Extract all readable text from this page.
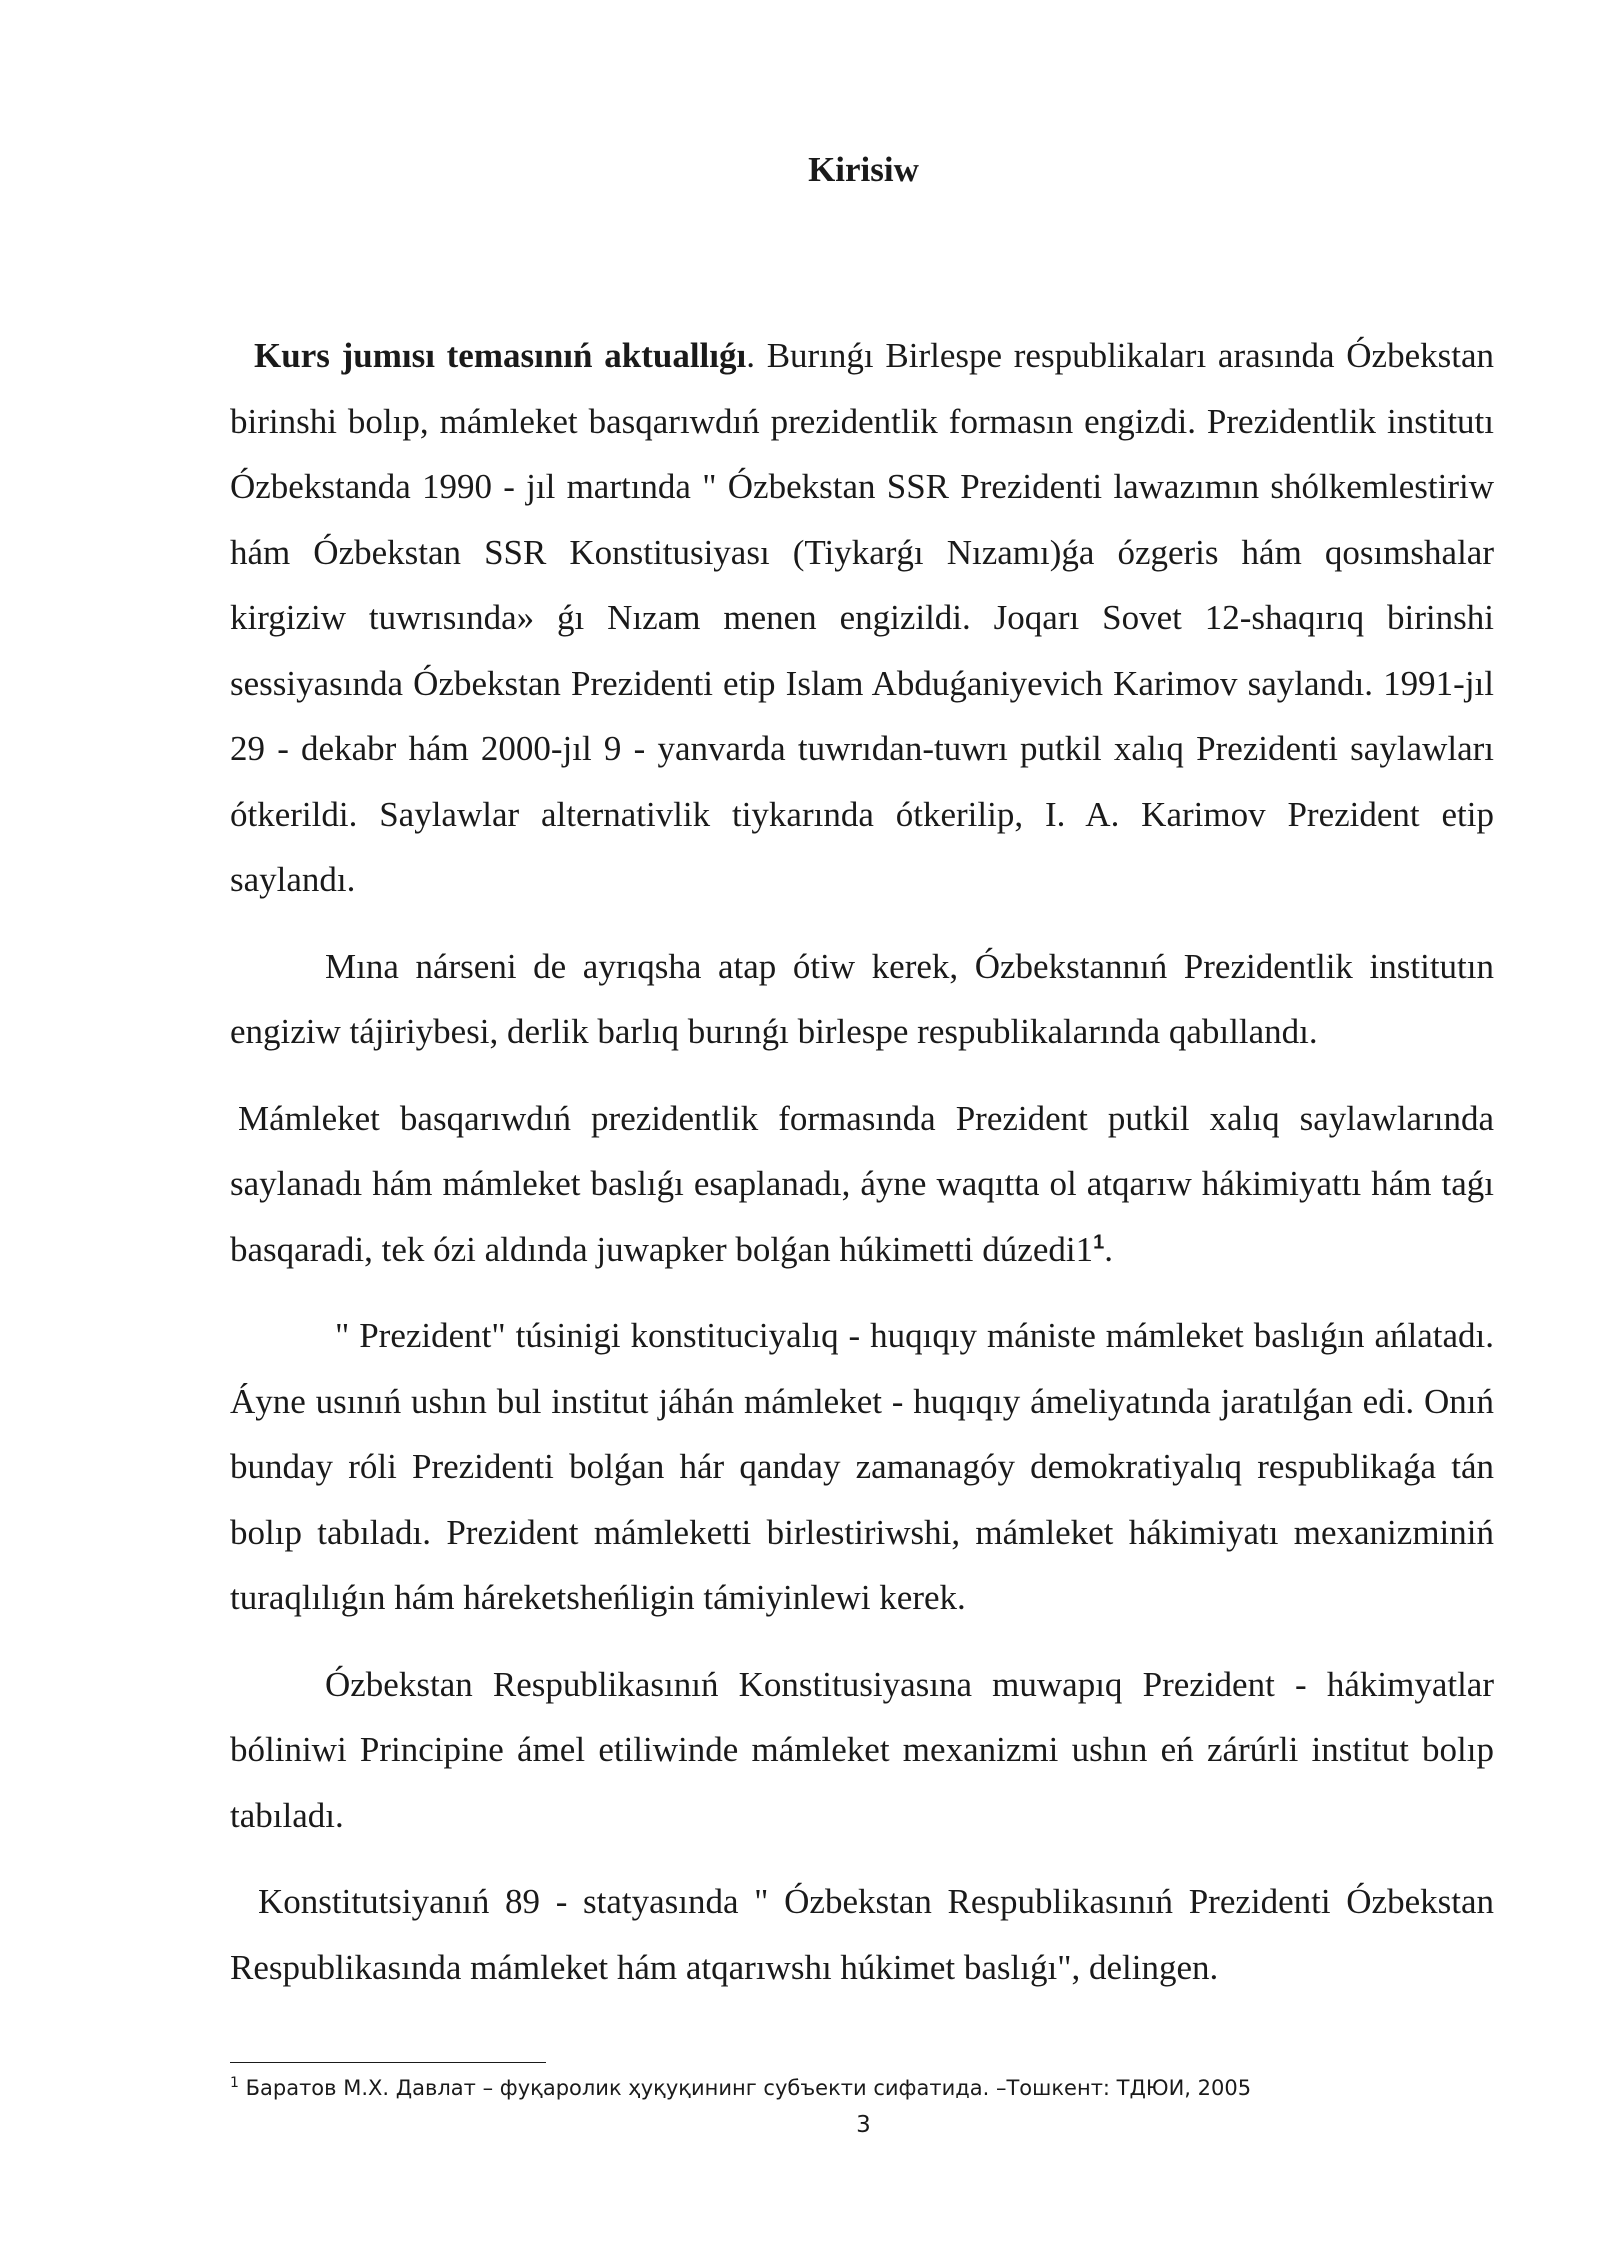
Kirisiw

Kurs jumısı temasınıń aktuallıǵı. Burınǵı Birlespe respublikaları arasında Ózbekstan birinshi bolıp, mámleket basqarıwdıń prezidentlik formasın engizdi. Prezidentlik institutı Ózbekstanda 1990 - jıl martında " Ózbekstan SSR Prezidenti lawazımın shólkemlestiriw hám Ózbekstan SSR Konstitusiyası (Tiykarǵı Nızamı)ǵa ózgeris hám qosımshalar kirgiziw tuwrısında» ǵı Nızam menen engizildi. Joqarı Sovet 12-shaqırıq birinshi sessiyasında Ózbekstan Prezidenti etip Islam Abduǵaniyevich Karimov saylandı. 1991-jıl 29 - dekabr hám 2000-jıl 9 - yanvarda tuwrıdan-tuwrı putkil xalıq Prezidenti saylawları ótkerildi. Saylawlar alternativlik tiykarında ótkerilip, I. A. Karimov Prezident etip saylandı.

Mına nárseni de ayrıqsha atap ótiw kerek, Ózbekstannıń Prezidentlik institutın engiziw tájiriybesi, derlik barlıq burınǵı birlespe respublikalarında qabıllandı.

Mámleket basqarıwdıń prezidentlik formasında Prezident putkil xalıq saylawlarında saylanadı hám mámleket baslıǵı esaplanadı, áyne waqıtta ol atqarıw hákimiyattı hám taǵı basqaradi, tek ózi aldında juwapker bolǵan húkimetti dúzedi1$^1$.

" Prezident" túsinigi konstituciyalıq - huqıqıy mániste mámleket baslıǵın ańlatadı. Áyne usınıń ushın bul institut jáhán mámleket - huqıqıy ámeliyatında jaratılǵan edi. Onıń bunday róli Prezidenti bolǵan hár qanday zamanagóy demokratiyalıq respublikaǵa tán bolıp tabıladı. Prezident mámleketti birlestiriwshi, mámleket hákimiyatı mexanizminiń turaqlılıǵın hám háreketsheńligin támiyinlewi kerek.

Ózbekstan Respublikasınıń Konstitusiyasına muwapıq Prezident - hákimyatlar bóliniwi Principine ámel etiliwinde mámleket mexanizmi ushın eń zárúrli institut bolıp tabıladı.

Konstitutsiyanıń 89 - statyasında " Ózbekstan Respublikasınıń Prezidenti Ózbekstan Respublikasında mámleket hám atqarıwshı húkimet baslıǵı", delingen.

$^1$ Баратов М.Х. Давлат – фуқаролик ҳуқуқининг субъекти сифатида. –Тошкент: ТДЮИ, 2005
3
